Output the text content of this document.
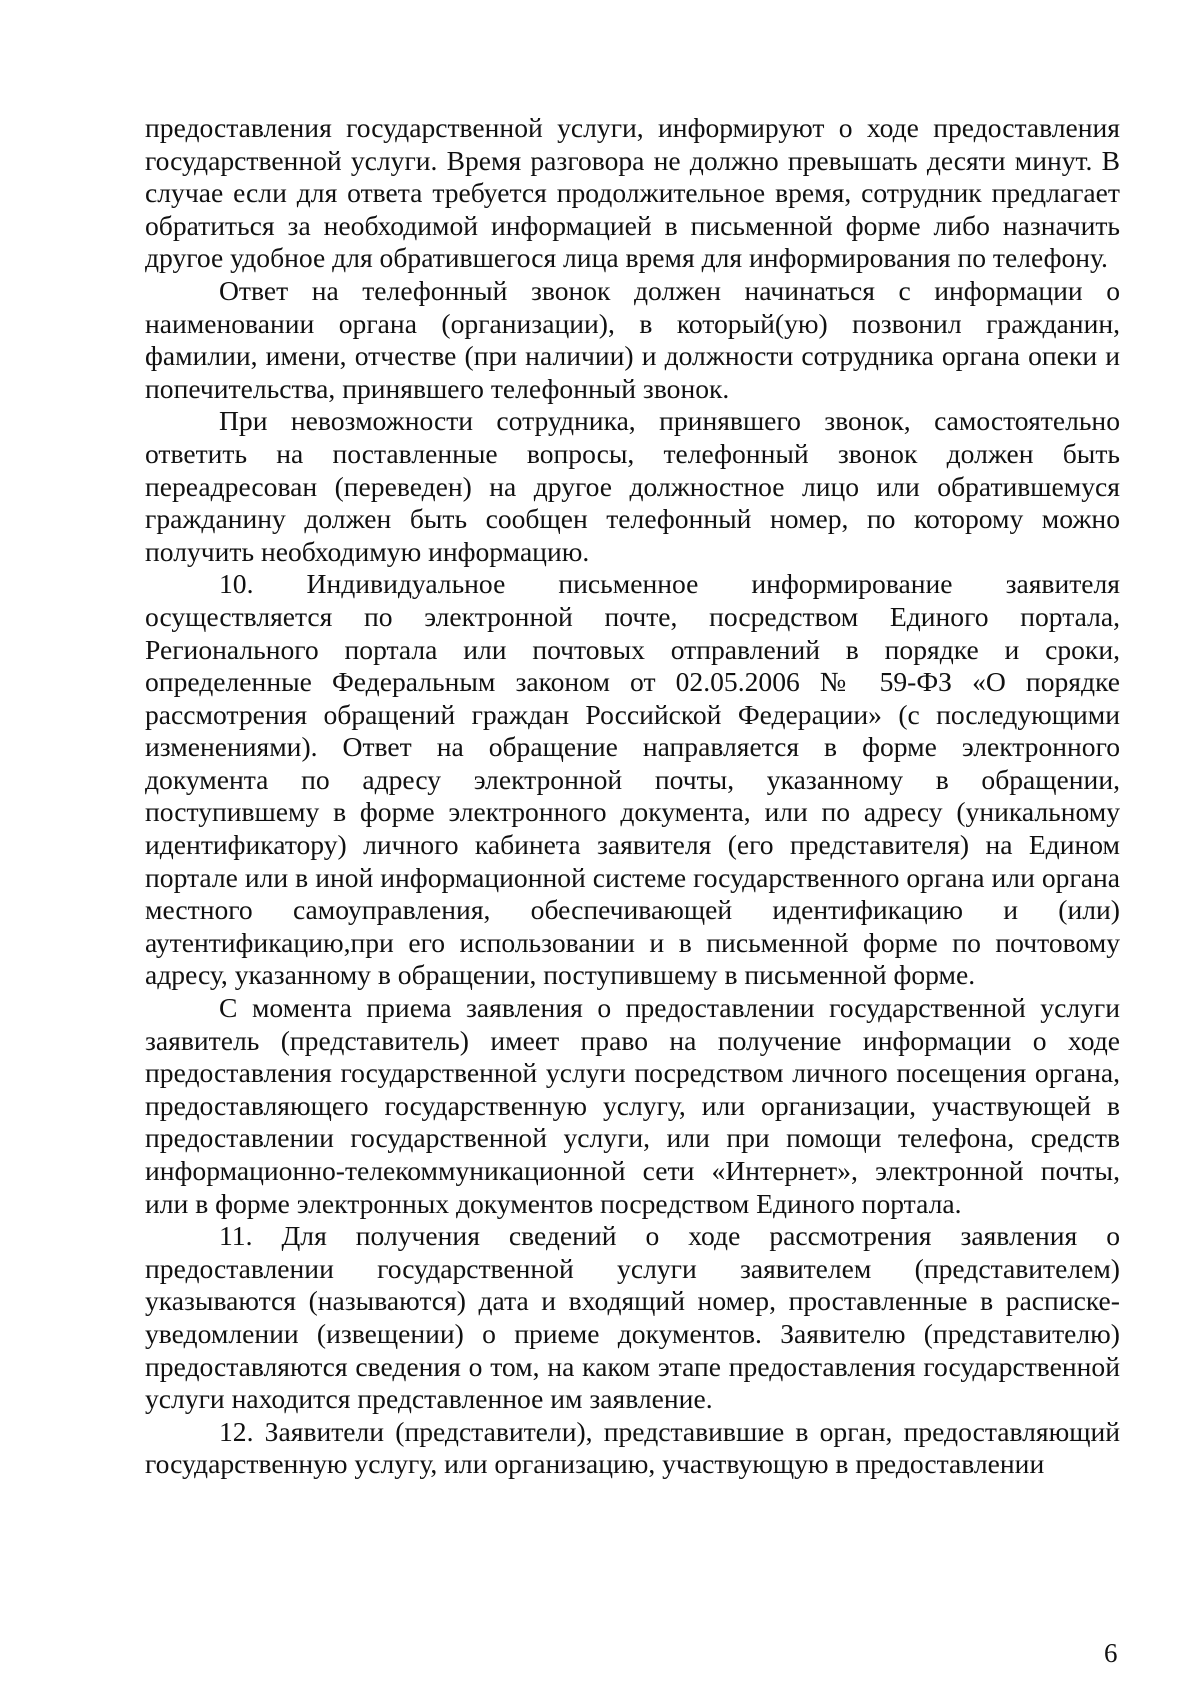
предоставления государственной услуги, информируют о ходе предоставления государственной услуги. Время разговора не должно превышать десяти минут. В случае если для ответа требуется продолжительное время, сотрудник предлагает обратиться за необходимой информацией в письменной форме либо назначить другое удобное для обратившегося лица время для информирования по телефону.

Ответ на телефонный звонок должен начинаться с информации о наименовании органа (организации), в который(ую) позвонил гражданин, фамилии, имени, отчестве (при наличии) и должности сотрудника органа опеки и попечительства, принявшего телефонный звонок.

При невозможности сотрудника, принявшего звонок, самостоятельно ответить на поставленные вопросы, телефонный звонок должен быть переадресован (переведен) на другое должностное лицо или обратившемуся гражданину должен быть сообщен телефонный номер, по которому можно получить необходимую информацию.

10. Индивидуальное письменное информирование заявителя осуществляется по электронной почте, посредством Единого портала, Регионального портала или почтовых отправлений в порядке и сроки, определенные Федеральным законом от 02.05.2006 № 59-ФЗ «О порядке рассмотрения обращений граждан Российской Федерации» (с последующими изменениями). Ответ на обращение направляется в форме электронного документа по адресу электронной почты, указанному в обращении, поступившему в форме электронного документа, или по адресу (уникальному идентификатору) личного кабинета заявителя (его представителя) на Едином портале или в иной информационной системе государственного органа или органа местного самоуправления, обеспечивающей идентификацию и (или) аутентификацию,при его использовании и в письменной форме по почтовому адресу, указанному в обращении, поступившему в письменной форме.

С момента приема заявления о предоставлении государственной услуги заявитель (представитель) имеет право на получение информации о ходе предоставления государственной услуги посредством личного посещения органа, предоставляющего государственную услугу, или организации, участвующей в предоставлении государственной услуги, или при помощи телефона, средств информационно-телекоммуникационной сети «Интернет», электронной почты, или в форме электронных документов посредством Единого портала.

11. Для получения сведений о ходе рассмотрения заявления о предоставлении государственной услуги заявителем (представителем) указываются (называются) дата и входящий номер, проставленные в расписке-уведомлении (извещении) о приеме документов. Заявителю (представителю) предоставляются сведения о том, на каком этапе предоставления государственной услуги находится представленное им заявление.

12. Заявители (представители), представившие в орган, предоставляющий государственную услугу, или организацию, участвующую в предоставлении

6
